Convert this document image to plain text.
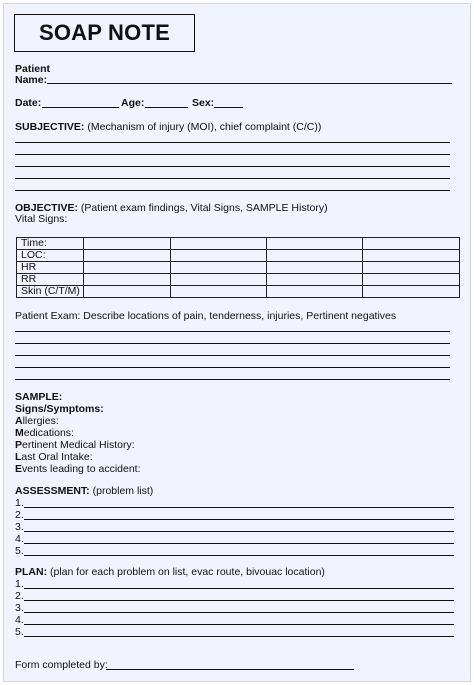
SOAP NOTE
Patient
Name:
Date:	Age:	Sex:
SUBJECTIVE: (Mechanism of injury (MOI), chief complaint (C/C))
OBJECTIVE: (Patient exam findings, Vital Signs, SAMPLE History)
Vital Signs:
Time:				
LOC:				
HR				
RR				
Skin (C/T/M)				
Patient Exam: Describe locations of pain, tenderness, injuries, Pertinent negatives
SAMPLE:
Signs/Symptoms:
Allergies:
Medications:
Pertinent Medical History:
Last Oral Intake:
Events leading to accident:
ASSESSMENT: (problem list)
1.
2.
3.
4.
5.
PLAN: (plan for each problem on list, evac route, bivouac location)
1.
2.
3.
4.
5.
Form completed by:
